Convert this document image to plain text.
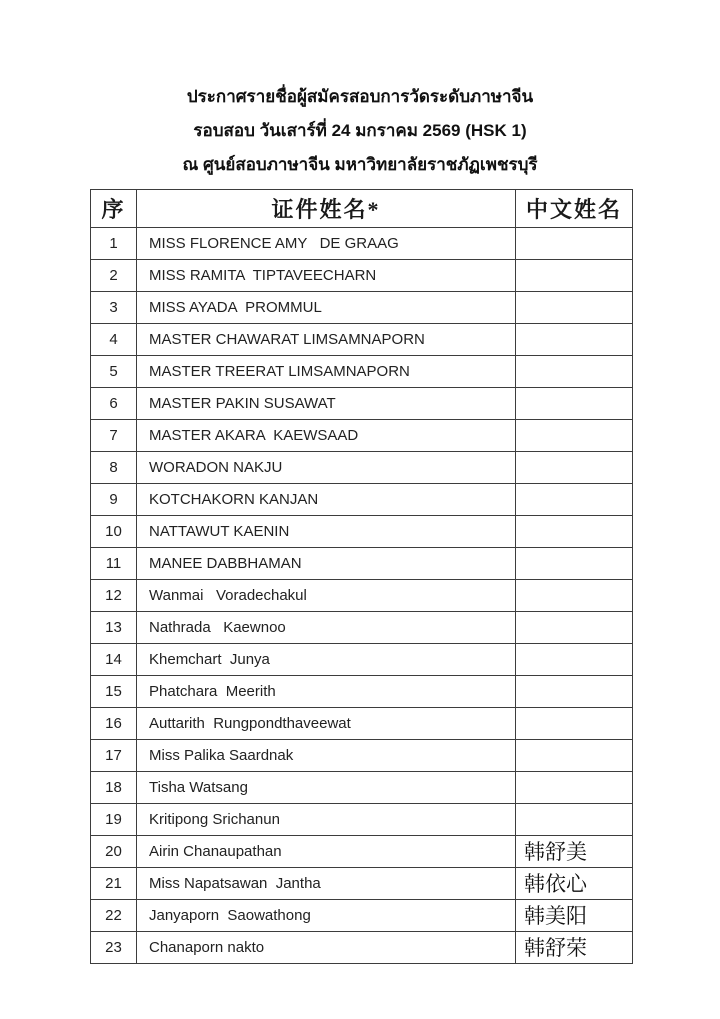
ประกาศรายชื่อผู้สมัครสอบการวัดระดับภาษาจีน
รอบสอบ วันเสาร์ที่ 24 มกราคม 2569 (HSK 1)
ณ ศูนย์สอบภาษาจีน มหาวิทยาลัยราชภัฏเพชรบุรี
序	证件姓名*	中文姓名
1	MISS FLORENCE AMY   DE GRAAG	
2	MISS RAMITA  TIPTAVEECHARN	
3	MISS AYADA  PROMMUL	
4	MASTER CHAWARAT LIMSAMNAPORN	
5	MASTER TREERAT LIMSAMNAPORN	
6	MASTER PAKIN SUSAWAT	
7	MASTER AKARA  KAEWSAAD	
8	WORADON NAKJU	
9	KOTCHAKORN KANJAN	
10	NATTAWUT KAENIN	
11	MANEE DABBHAMAN	
12	Wanmai   Voradechakul	
13	Nathrada   Kaewnoo	
14	Khemchart  Junya	
15	Phatchara  Meerith	
16	Auttarith  Rungpondthaveewat	
17	Miss Palika Saardnak	
18	Tisha Watsang	
19	Kritipong Srichanun	
20	Airin Chanaupathan	韩舒美
21	Miss Napatsawan  Jantha	韩依心
22	Janyaporn  Saowathong	韩美阳
23	Chanaporn nakto	韩舒荣
